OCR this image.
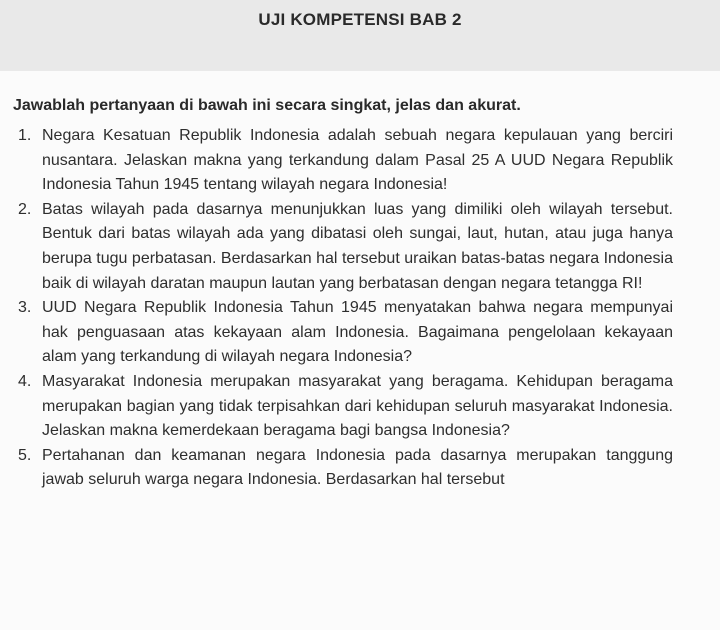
UJI KOMPETENSI BAB 2
Jawablah pertanyaan di bawah ini secara singkat, jelas dan akurat.
1. Negara Kesatuan Republik Indonesia adalah sebuah negara kepulauan yang berciri nusantara. Jelaskan makna yang terkandung dalam Pasal 25 A UUD Negara Republik Indonesia Tahun 1945 tentang wilayah negara Indonesia!
2. Batas wilayah pada dasarnya menunjukkan luas yang dimiliki oleh wilayah tersebut. Bentuk dari batas wilayah ada yang dibatasi oleh sungai, laut, hutan, atau juga hanya berupa tugu perbatasan. Berdasarkan hal tersebut uraikan batas-batas negara Indonesia baik di wilayah daratan maupun lautan yang berbatasan dengan negara tetangga RI!
3. UUD Negara Republik Indonesia Tahun 1945 menyatakan bahwa negara mempunyai hak penguasaan atas kekayaan alam Indonesia. Bagaimana pengelolaan kekayaan alam yang terkandung di wilayah negara Indonesia?
4. Masyarakat Indonesia merupakan masyarakat yang beragama. Kehidupan beragama merupakan bagian yang tidak terpisahkan dari kehidupan seluruh masyarakat Indonesia. Jelaskan makna kemerdekaan beragama bagi bangsa Indonesia?
5. Pertahanan dan keamanan negara Indonesia pada dasarnya merupakan tanggung jawab seluruh warga negara Indonesia. Berdasarkan hal tersebut
